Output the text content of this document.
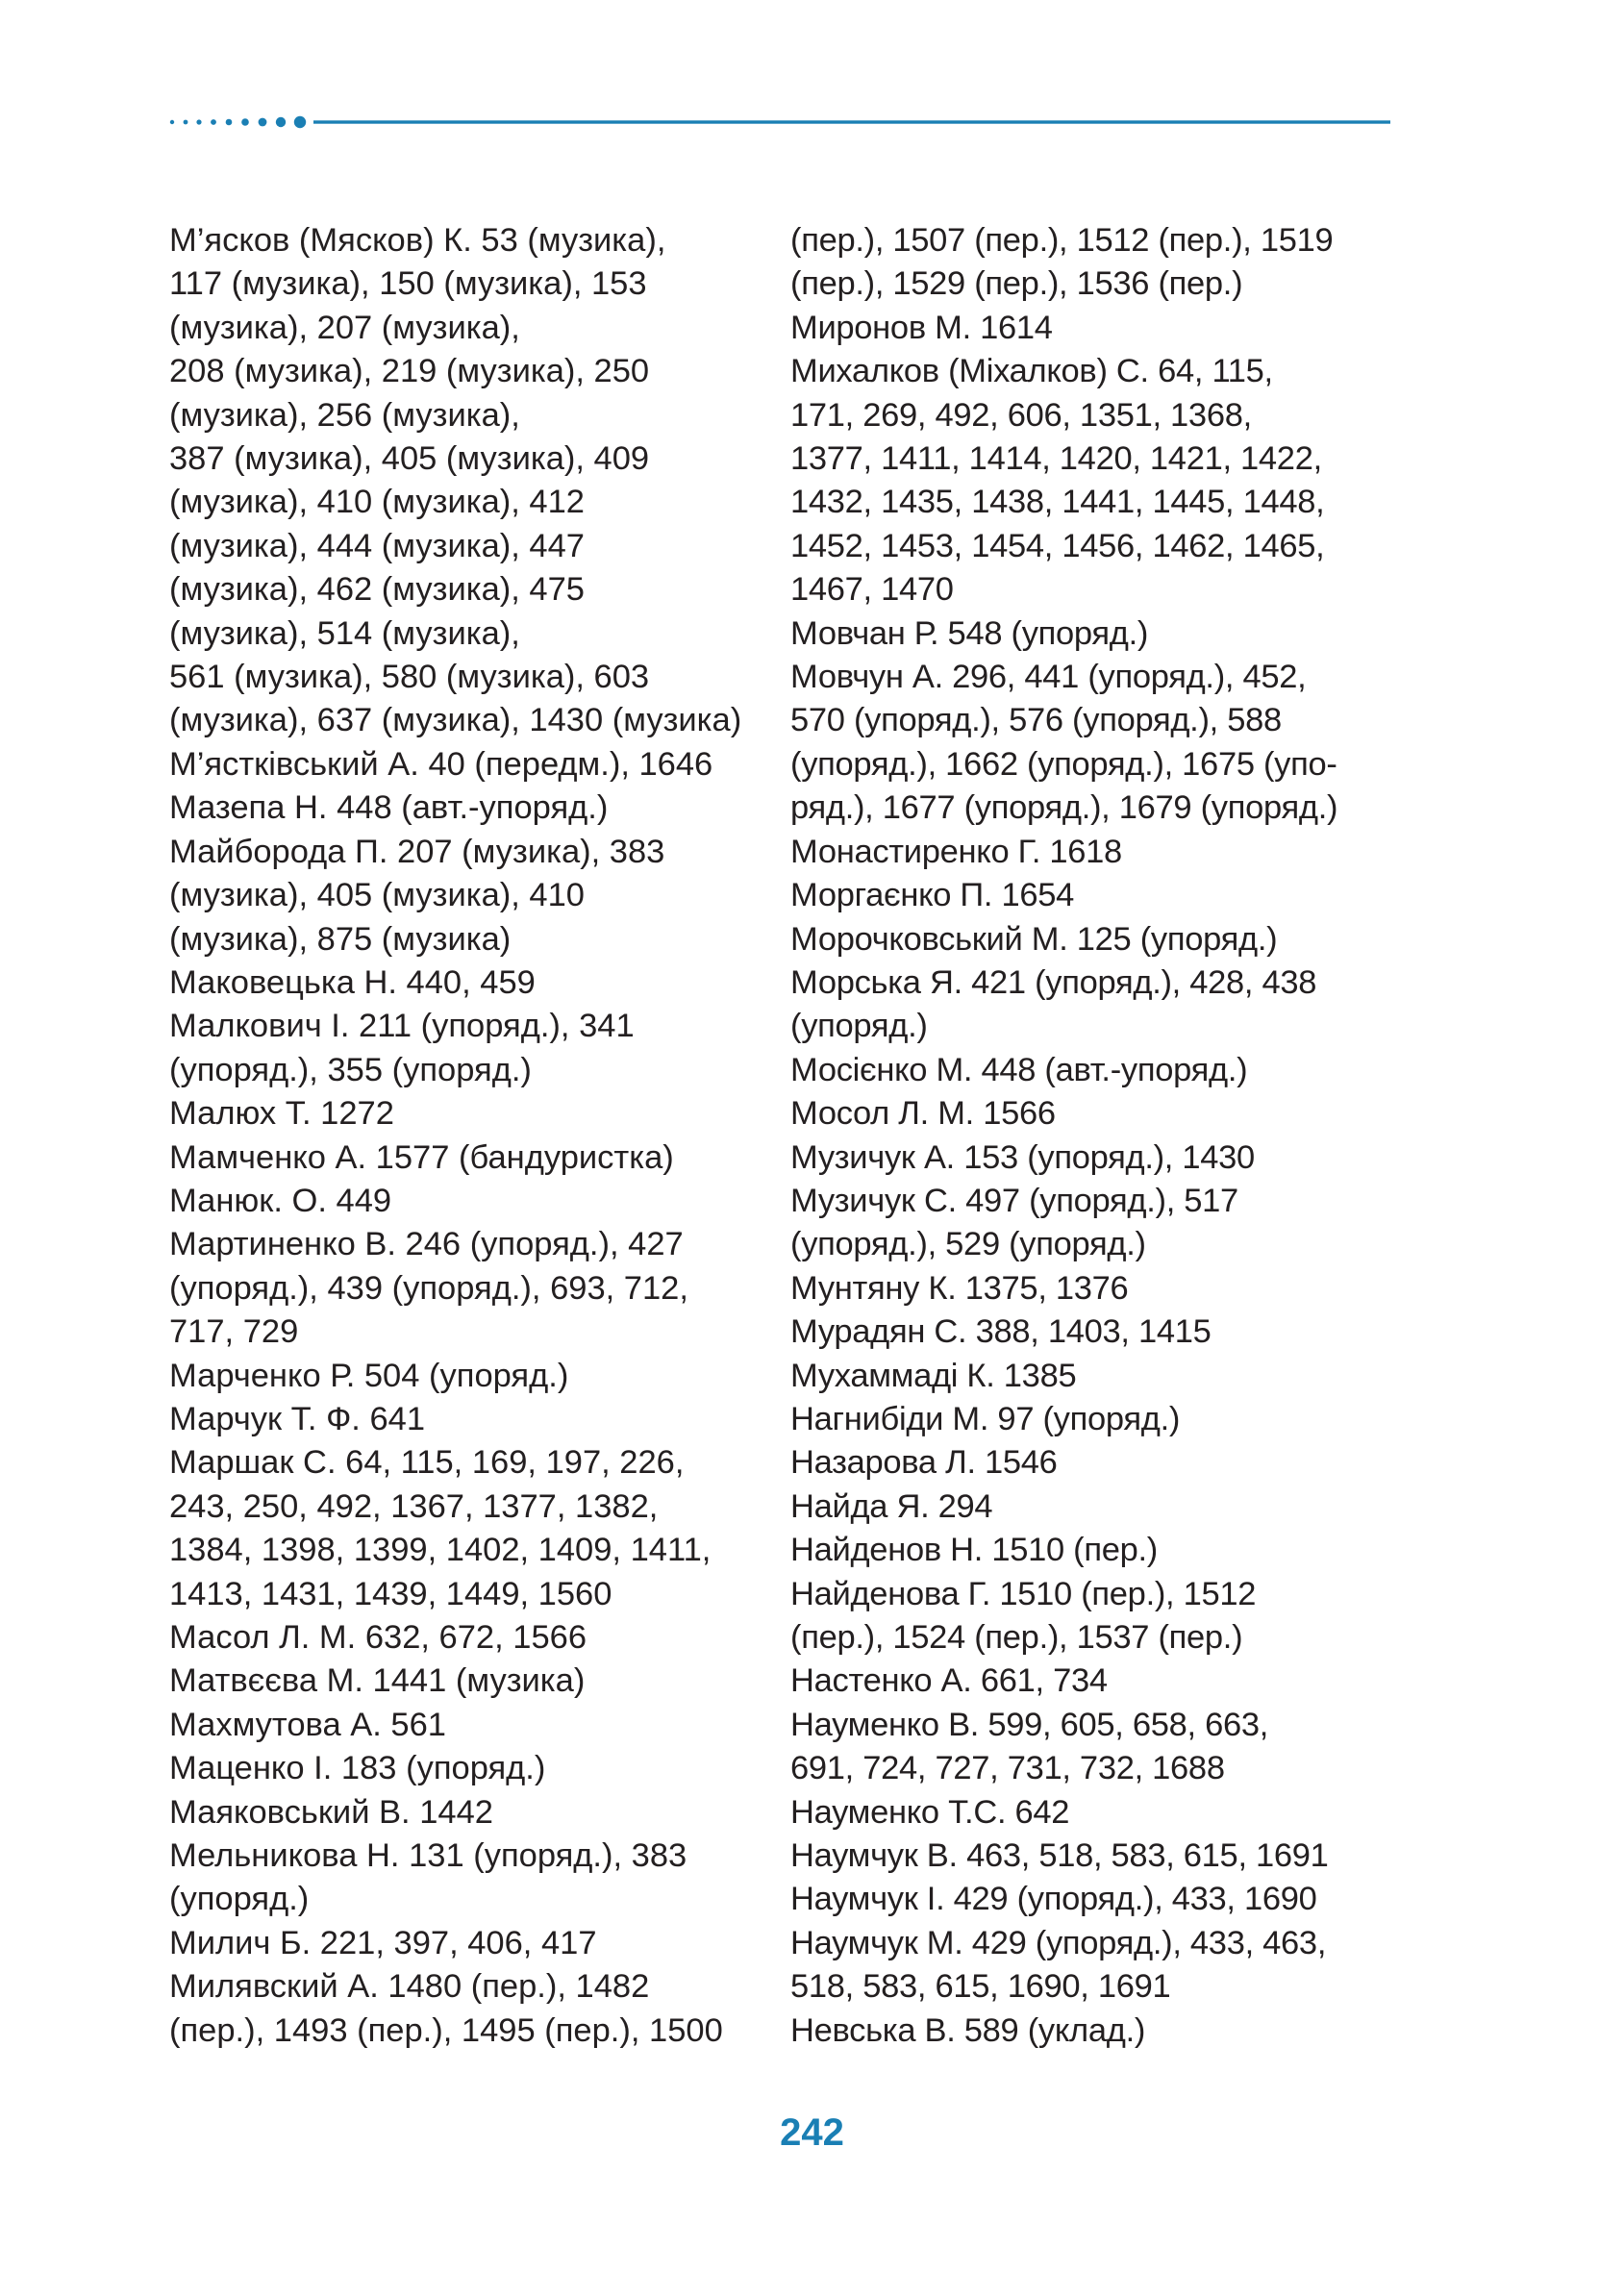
М’ясков (Мясков) К. 53 (музика),
117 (музика), 150 (музика), 153
(музика), 207 (музика),
208 (музика), 219 (музика), 250
(музика), 256 (музика),
387 (музика), 405 (музика), 409
(музика), 410 (музика), 412
(музика), 444 (музика), 447
(музика), 462 (музика), 475
(музика), 514 (музика),
561 (музика), 580 (музика), 603
(музика), 637 (музика), 1430 (музика)
М’ястківський А. 40 (передм.), 1646
Мазепа Н. 448 (авт.-упоряд.)
Майборода П. 207 (музика), 383
(музика), 405 (музика), 410
(музика), 875 (музика)
Маковецька Н. 440, 459
Малкович І. 211 (упоряд.), 341
(упоряд.), 355 (упоряд.)
Малюх Т. 1272
Мамченко А. 1577 (бандуристка)
Манюк. О. 449
Мартиненко В. 246 (упоряд.), 427
(упоряд.), 439 (упоряд.), 693, 712,
717, 729
Марченко Р. 504 (упоряд.)
Марчук Т. Ф. 641
Маршак С. 64, 115, 169, 197, 226,
243, 250, 492, 1367, 1377, 1382,
1384, 1398, 1399, 1402, 1409, 1411,
1413, 1431, 1439, 1449, 1560
Масол Л. М. 632, 672, 1566
Матвєєва М. 1441 (музика)
Махмутова А. 561
Маценко І. 183 (упоряд.)
Маяковський В. 1442
Мельникова Н. 131 (упоряд.), 383
(упоряд.)
Милич Б. 221, 397, 406, 417
Милявский А. 1480 (пер.), 1482
(пер.), 1493 (пер.), 1495 (пер.), 1500
(пер.), 1507 (пер.), 1512 (пер.), 1519
(пер.), 1529 (пер.), 1536 (пер.)
Миронов М. 1614
Михалков (Міхалков) С. 64, 115,
171, 269, 492, 606, 1351, 1368,
1377, 1411, 1414, 1420, 1421, 1422,
1432, 1435, 1438, 1441, 1445, 1448,
1452, 1453, 1454, 1456, 1462, 1465,
1467, 1470
Мовчан Р. 548 (упоряд.)
Мовчун А. 296, 441 (упоряд.), 452,
570 (упоряд.), 576 (упоряд.), 588
(упоряд.), 1662 (упоряд.), 1675 (упо-
ряд.), 1677 (упоряд.), 1679 (упоряд.)
Монастиренко Г. 1618
Моргаєнко П. 1654
Морочковський М. 125 (упоряд.)
Морська Я. 421 (упоряд.), 428, 438
(упоряд.)
Мосієнко М. 448 (авт.-упоряд.)
Мосол Л. М. 1566
Музичук А. 153 (упоряд.), 1430
Музичук С. 497 (упоряд.), 517
(упоряд.), 529 (упоряд.)
Мунтяну К. 1375, 1376
Мурадян С. 388, 1403, 1415
Мухаммаді К. 1385
Нагнибіди М. 97 (упоряд.)
Назарова Л. 1546
Найда Я. 294
Найденов Н. 1510 (пер.)
Найденова Г. 1510 (пер.), 1512
(пер.), 1524 (пер.), 1537 (пер.)
Настенко А. 661, 734
Науменко В. 599, 605, 658, 663,
691, 724, 727, 731, 732, 1688
Науменко Т.С. 642
Наумчук В. 463, 518, 583, 615, 1691
Наумчук І. 429 (упоряд.), 433, 1690
Наумчук М. 429 (упоряд.), 433, 463,
518, 583, 615, 1690, 1691
Невська В. 589 (уклад.)
242
